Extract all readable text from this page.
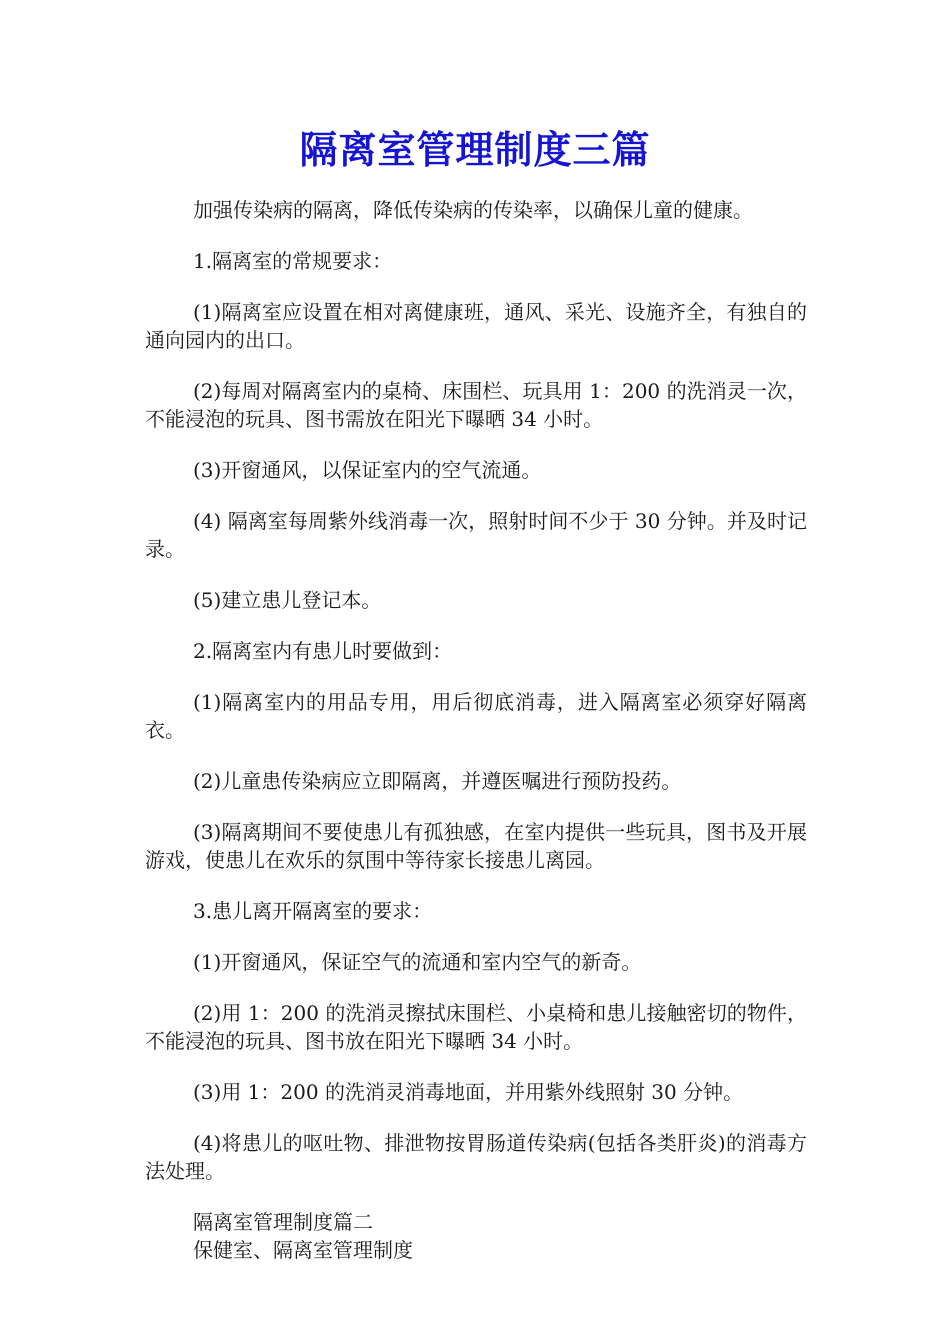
隔离室管理制度三篇

加强传染病的隔离，降低传染病的传染率，以确保儿童的健康。

1.隔离室的常规要求：

(1)隔离室应设置在相对离健康班，通风、采光、设施齐全，有独自的通向园内的出口。

(2)每周对隔离室内的桌椅、床围栏、玩具用 1：200 的洗消灵一次，不能浸泡的玩具、图书需放在阳光下曝晒 34 小时。

(3)开窗通风，以保证室内的空气流通。

(4) 隔离室每周紫外线消毒一次，照射时间不少于 30 分钟。并及时记录。

(5)建立患儿登记本。

2.隔离室内有患儿时要做到：

(1)隔离室内的用品专用，用后彻底消毒，进入隔离室必须穿好隔离衣。

(2)儿童患传染病应立即隔离，并遵医嘱进行预防投药。

(3)隔离期间不要使患儿有孤独感，在室内提供一些玩具，图书及开展游戏，使患儿在欢乐的氛围中等待家长接患儿离园。

3.患儿离开隔离室的要求：

(1)开窗通风，保证空气的流通和室内空气的新奇。

(2)用 1：200 的洗消灵擦拭床围栏、小桌椅和患儿接触密切的物件，不能浸泡的玩具、图书放在阳光下曝晒 34 小时。

(3)用 1：200 的洗消灵消毒地面，并用紫外线照射 30 分钟。

(4)将患儿的呕吐物、排泄物按胃肠道传染病(包括各类肝炎)的消毒方法处理。

隔离室管理制度篇二

保健室、隔离室管理制度
